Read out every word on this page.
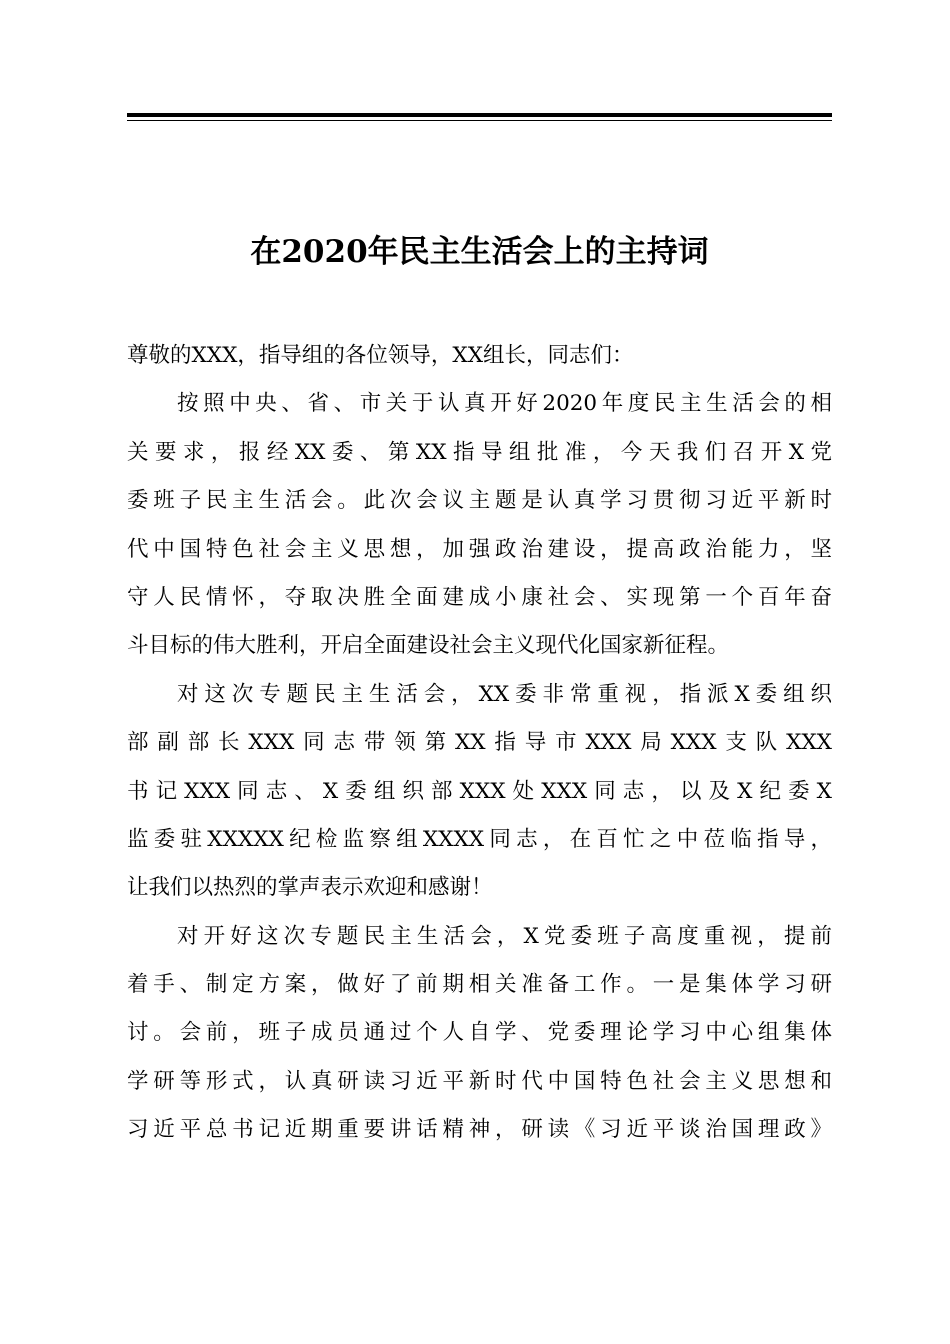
在2020年民主生活会上的主持词
尊敬的XXX，指导组的各位领导，XX组长，同志们：
按照中央、省、市关于认真开好2020年度民主生活会的相
关要求，报经XX委、第XX指导组批准，今天我们召开X党
委班子民主生活会。此次会议主题是认真学习贯彻习近平新时
代中国特色社会主义思想，加强政治建设，提高政治能力，坚
守人民情怀，夺取决胜全面建成小康社会、实现第一个百年奋
斗目标的伟大胜利，开启全面建设社会主义现代化国家新征程。
对这次专题民主生活会，XX委非常重视，指派X委组织
部副部长XXX同志带领第XX指导市XXX局XXX支队XXX
书记XXX同志、X委组织部XXX处XXX同志，以及X纪委X
监委驻XXXXX纪检监察组XXXX同志，在百忙之中莅临指导，
让我们以热烈的掌声表示欢迎和感谢！
对开好这次专题民主生活会，X党委班子高度重视，提前
着手、制定方案，做好了前期相关准备工作。一是集体学习研
讨。会前，班子成员通过个人自学、党委理论学习中心组集体
学研等形式，认真研读习近平新时代中国特色社会主义思想和
习近平总书记近期重要讲话精神，研读《习近平谈治国理政》
